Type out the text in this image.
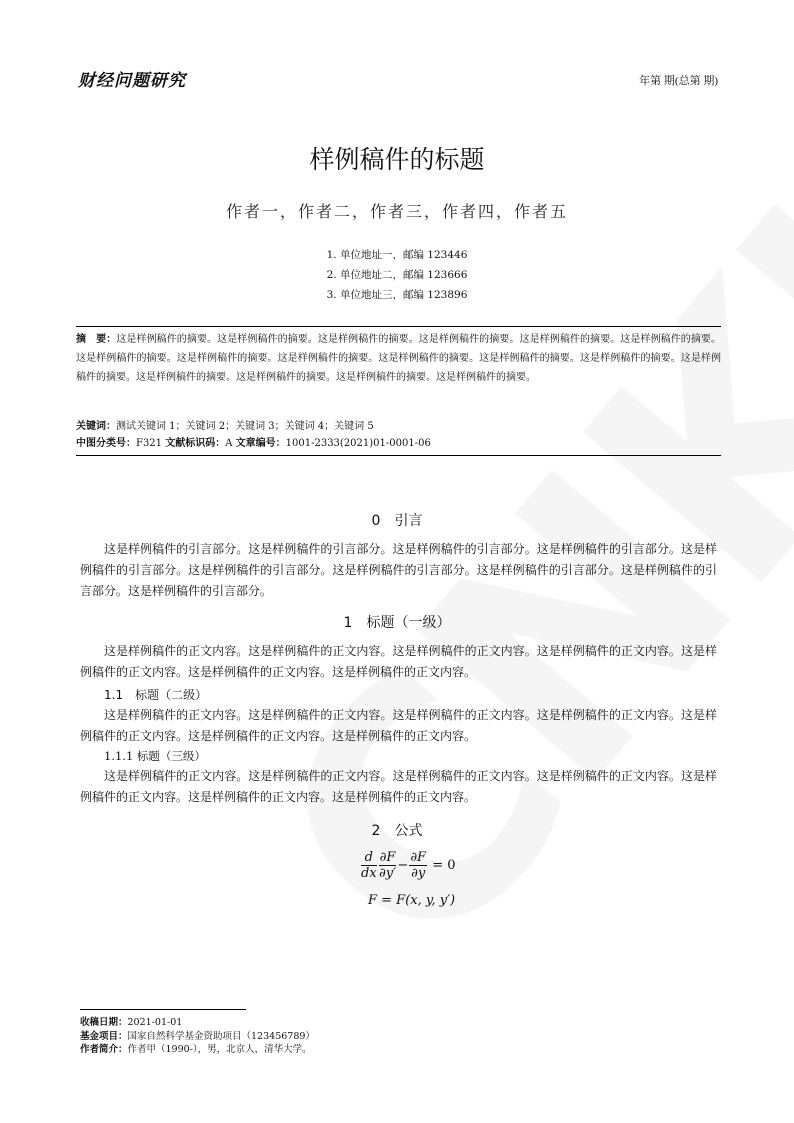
财经问题研究	年第 期(总第 期)
样例稿件的标题
作者一，作者二，作者三，作者四，作者五
1. 单位地址一，邮编 123446
2. 单位地址二，邮编 123666
3. 单位地址三，邮编 123896
摘　要：这是样例稿件的摘要。这是样例稿件的摘要。这是样例稿件的摘要。这是样例稿件的摘要。这是样例稿件的摘要。这是样例稿件的摘要。这是样例稿件的摘要。这是样例稿件的摘要。这是样例稿件的摘要。这是样例稿件的摘要。这是样例稿件的摘要。这是样例稿件的摘要。这是样例稿件的摘要。这是样例稿件的摘要。这是样例稿件的摘要。这是样例稿件的摘要。这是样例稿件的摘要。
关键词：测试关键词 1；关键词 2；关键词 3；关键词 4；关键词 5
中图分类号：F321 文献标识码：A 文章编号：1001-2333(2021)01-0001-06
0　引言
这是样例稿件的引言部分。这是样例稿件的引言部分。这是样例稿件的引言部分。这是样例稿件的引言部分。这是样例稿件的引言部分。这是样例稿件的引言部分。这是样例稿件的引言部分。这是样例稿件的引言部分。这是样例稿件的引言部分。这是样例稿件的引言部分。
1　标题（一级）
这是样例稿件的正文内容。这是样例稿件的正文内容。这是样例稿件的正文内容。这是样例稿件的正文内容。这是样例稿件的正文内容。这是样例稿件的正文内容。这是样例稿件的正文内容。
1.1　标题（二级）
这是样例稿件的正文内容。这是样例稿件的正文内容。这是样例稿件的正文内容。这是样例稿件的正文内容。这是样例稿件的正文内容。这是样例稿件的正文内容。这是样例稿件的正文内容。
1.1.1 标题（三级）
这是样例稿件的正文内容。这是样例稿件的正文内容。这是样例稿件的正文内容。这是样例稿件的正文内容。这是样例稿件的正文内容。这是样例稿件的正文内容。这是样例稿件的正文内容。
2　公式
$\frac{d}{dx} \frac{\partial F}{\partial y'} - \frac{\partial F}{\partial y} = 0$
F = F(x, y, y′)
收稿日期：2021-01-01
基金项目：国家自然科学基金资助项目（123456789）
作者简介：作者甲（1990-），男，北京人，清华大学。
